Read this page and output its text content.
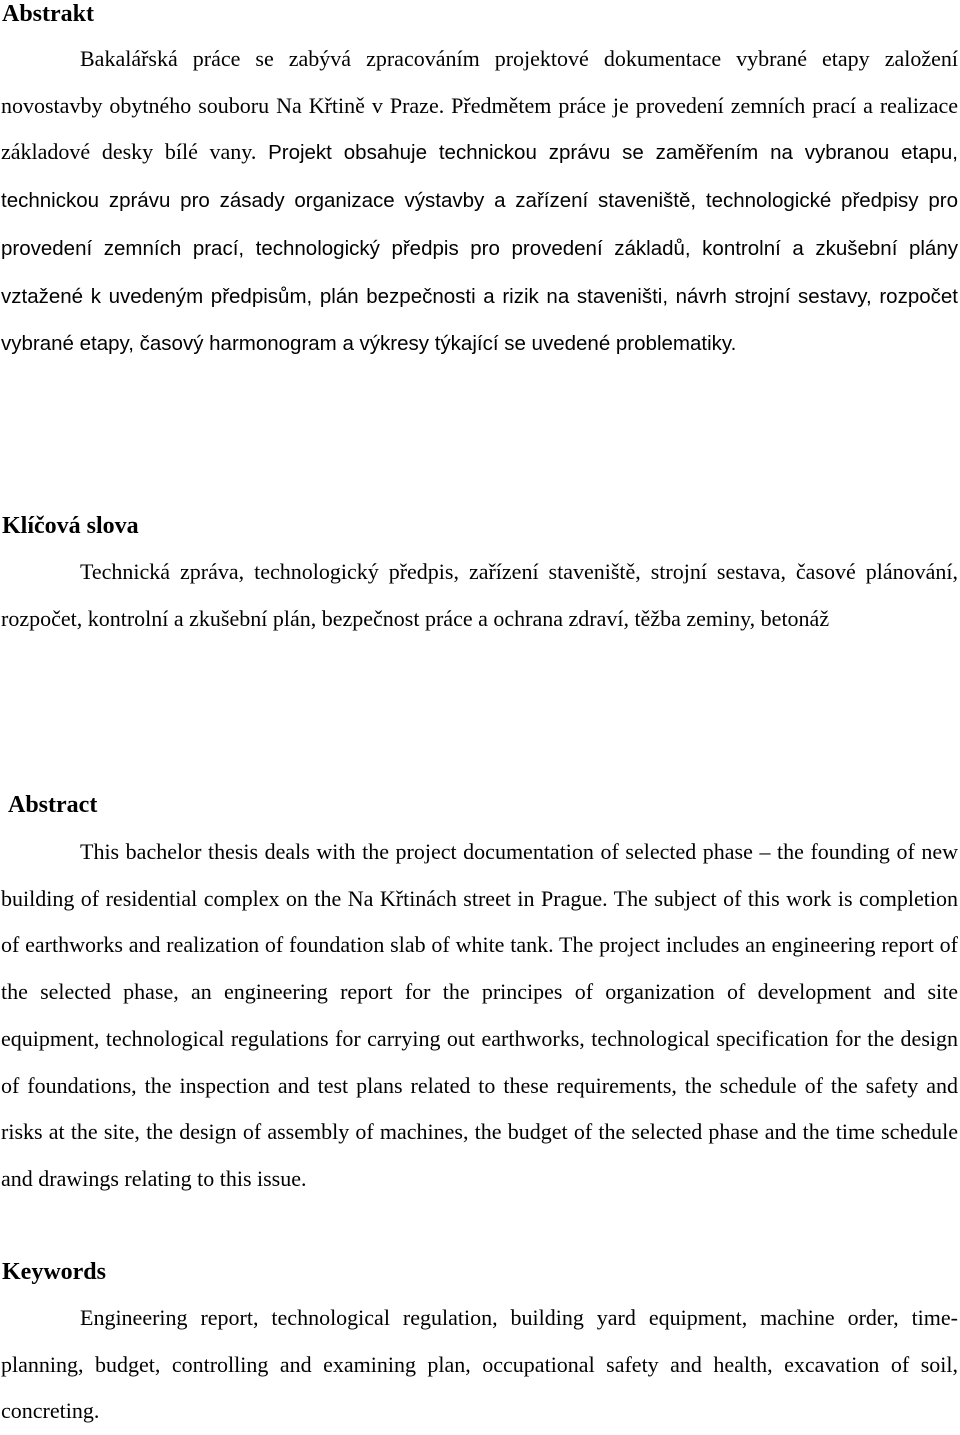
Abstrakt

Bakalářská práce se zabývá zpracováním projektové dokumentace vybrané etapy založení novostavby obytného souboru Na Křtině v Praze. Předmětem práce je provedení zemních prací a realizace základové desky bílé vany. Projekt obsahuje technickou zprávu se zaměřením na vybranou etapu, technickou zprávu pro zásady organizace výstavby a zařízení staveniště, technologické předpisy pro provedení zemních prací, technologický předpis pro provedení základů, kontrolní a zkušební plány vztažené k uvedeným předpisům, plán bezpečnosti a rizik na staveništi, návrh strojní sestavy, rozpočet vybrané etapy, časový harmonogram a výkresy týkající se uvedené problematiky.

Klíčová slova

Technická zpráva, technologický předpis, zařízení staveniště, strojní sestava, časové plánování, rozpočet, kontrolní a zkušební plán, bezpečnost práce a ochrana zdraví, těžba zeminy, betonáž

Abstract

This bachelor thesis deals with the project documentation of selected phase – the founding of new building of residential complex on the Na Křtinách street in Prague. The subject of this work is completion of earthworks and realization of foundation slab of white tank. The project includes an engineering report of the selected phase, an engineering report for the principes of organization of development and site equipment, technological regulations for carrying out earthworks, technological specification for the design of foundations, the inspection and test plans related to these requirements, the schedule of the safety and risks at the site, the design of assembly of machines, the budget of the selected phase and the time schedule and drawings relating to this issue.

Keywords

Engineering report, technological regulation, building yard equipment, machine order, time-planning, budget, controlling and examining plan, occupational safety and health, excavation of soil, concreting.
